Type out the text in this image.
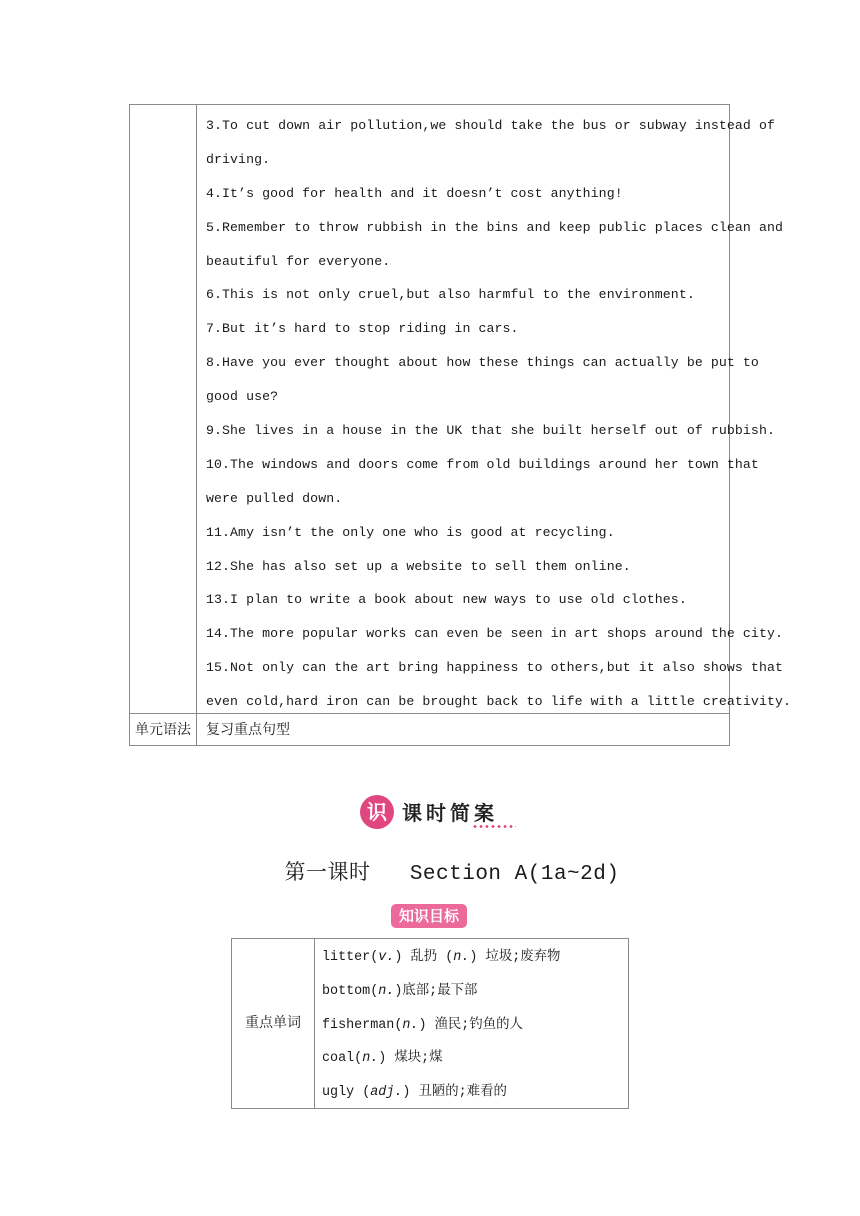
3.To cut down air pollution,we should take the bus or subway instead of
driving.
4.It’s good for health and it doesn’t cost anything!
5.Remember to throw rubbish in the bins and keep public places clean and
beautiful for everyone.
6.This is not only cruel,but also harmful to the environment.
7.But it’s hard to stop riding in cars.
8.Have you ever thought about how these things can actually be put to
good use?
9.She lives in a house in the UK that she built herself out of rubbish.
10.The windows and doors come from old buildings around her town that
were pulled down.
11.Amy isn’t the only one who is good at recycling.
12.She has also set up a website to sell them online.
13.I plan to write a book about new ways to use old clothes.
14.The more popular works can even be seen in art shops around the city.
15.Not only can the art bring happiness to others,but it also shows that
even cold,hard iron can be brought back to life with a little creativity.
单元语法	复习重点句型
识 课时简案
第一课时   Section A(1a~2d)
知识目标
重点单词
litter(v.) 乱扔 (n.) 垃圾;废弃物
bottom(n.)底部;最下部
fisherman(n.) 渔民;钓鱼的人
coal(n.) 煤块;煤
ugly (adj.) 丑陋的;难看的
